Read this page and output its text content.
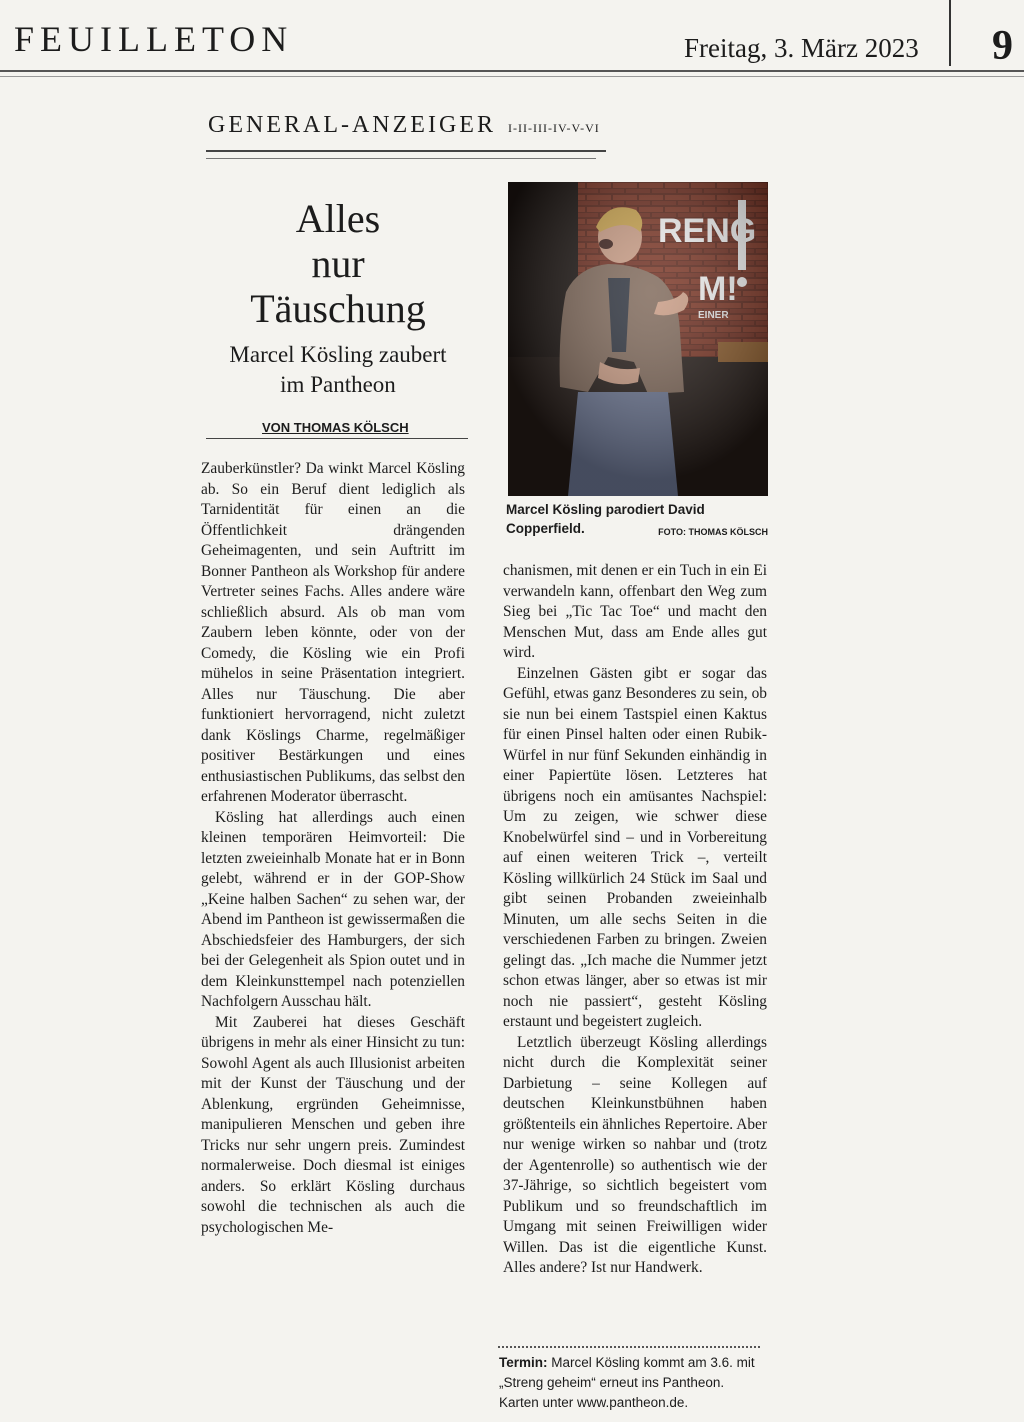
FEUILLETON	Freitag, 3. März 2023 9
GENERAL-ANZEIGER I-II-III-IV-V-VI
Alles
nur
Täuschung
Marcel Kösling zaubert
im Pantheon
VON THOMAS KÖLSCH

Zauberkünstler? Da winkt Marcel Kösling ab. So ein Beruf dient lediglich als Tarnidentität für einen an die Öffentlichkeit drängenden Geheimagenten, und sein Auftritt im Bonner Pantheon als Workshop für andere Vertreter seines Fachs. Alles andere wäre schließlich absurd. Als ob man vom Zaubern leben könnte, oder von der Comedy, die Kösling wie ein Profi mühelos in seine Präsentation integriert. Alles nur Täuschung. Die aber funktioniert hervorragend, nicht zuletzt dank Köslings Charme, regelmäßiger positiver Bestärkungen und eines enthusiastischen Publikums, das selbst den erfahrenen Moderator überrascht.

Kösling hat allerdings auch einen kleinen temporären Heimvorteil: Die letzten zweieinhalb Monate hat er in Bonn gelebt, während er in der GOP-Show „Keine halben Sachen“ zu sehen war, der Abend im Pantheon ist gewissermaßen die Abschiedsfeier des Hamburgers, der sich bei der Gelegenheit als Spion outet und in dem Kleinkunsttempel nach potenziellen Nachfolgern Ausschau hält.

Mit Zauberei hat dieses Geschäft übrigens in mehr als einer Hinsicht zu tun: Sowohl Agent als auch Illusionist arbeiten mit der Kunst der Täuschung und der Ablenkung, ergründen Geheimnisse, manipulieren Menschen und geben ihre Tricks nur sehr ungern preis. Zumindest normalerweise. Doch diesmal ist einiges anders. So erklärt Kösling durchaus sowohl die technischen als auch die psychologischen Me-

Marcel Kösling parodiert David Copperfield.	FOTO: THOMAS KÖLSCH

chanismen, mit denen er ein Tuch in ein Ei verwandeln kann, offenbart den Weg zum Sieg bei „Tic Tac Toe“ und macht den Menschen Mut, dass am Ende alles gut wird.

Einzelnen Gästen gibt er sogar das Gefühl, etwas ganz Besonderes zu sein, ob sie nun bei einem Tastspiel einen Kaktus für einen Pinsel halten oder einen Rubik-Würfel in nur fünf Sekunden einhändig in einer Papiertüte lösen. Letzteres hat übrigens noch ein amüsantes Nachspiel: Um zu zeigen, wie schwer diese Knobelwürfel sind – und in Vorbereitung auf einen weiteren Trick –, verteilt Kösling willkürlich 24 Stück im Saal und gibt seinen Probanden zweieinhalb Minuten, um alle sechs Seiten in die verschiedenen Farben zu bringen. Zweien gelingt das. „Ich mache die Nummer jetzt schon etwas länger, aber so etwas ist mir noch nie passiert“, gesteht Kösling erstaunt und begeistert zugleich.

Letztlich überzeugt Kösling allerdings nicht durch die Komplexität seiner Darbietung – seine Kollegen auf deutschen Kleinkunstbühnen haben größtenteils ein ähnliches Repertoire. Aber nur wenige wirken so nahbar und (trotz der Agentenrolle) so authentisch wie der 37-Jährige, so sichtlich begeistert vom Publikum und so freundschaftlich im Umgang mit seinen Freiwilligen wider Willen. Das ist die eigentliche Kunst. Alles andere? Ist nur Handwerk.

Termin: Marcel Kösling kommt am 3.6. mit „Streng geheim“ erneut ins Pantheon. Karten unter www.pantheon.de.
